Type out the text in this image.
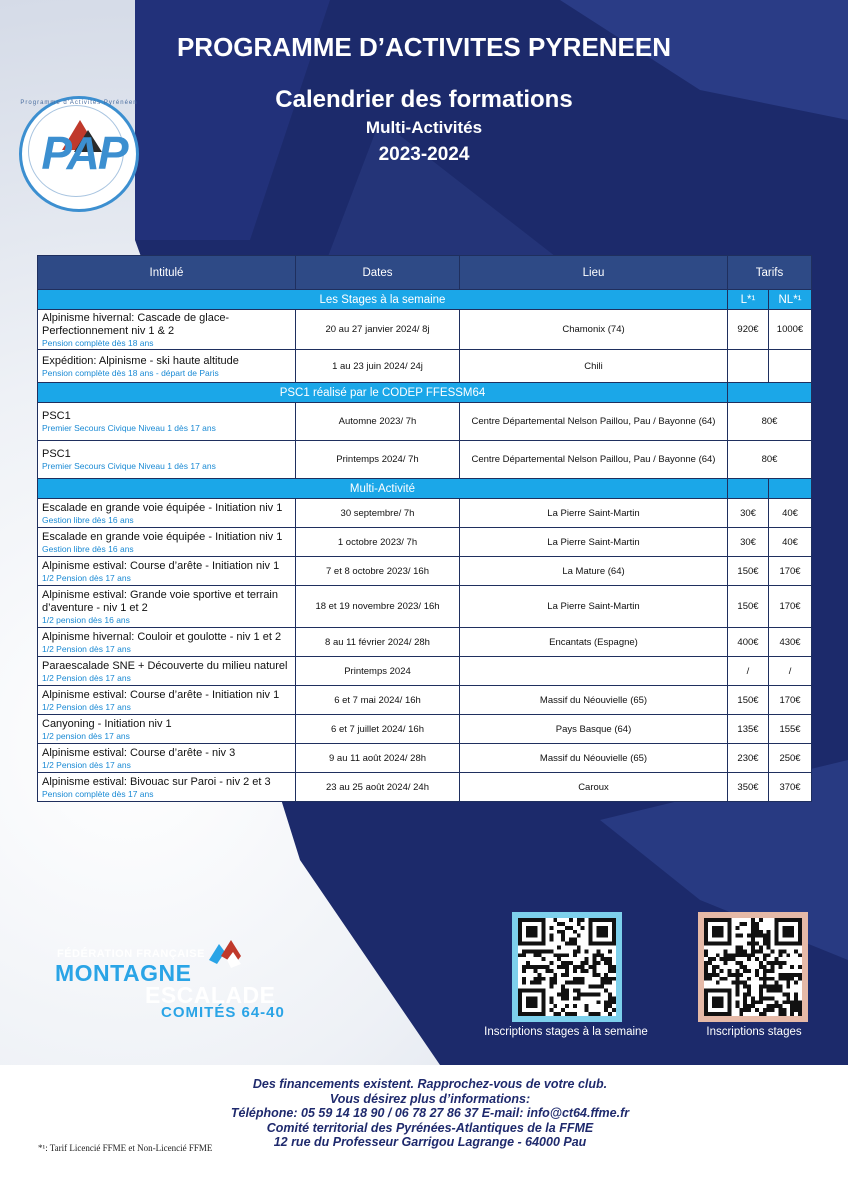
PROGRAMME D’ACTIVITES PYRENEEN
Calendrier des formations
Multi-Activités
2023-2024
Programme d'Activités Pyrénéen
PAP
Intitulé	Dates	Lieu	Tarifs	
Les Stages à la semaine			L*¹	NL*¹
Alpinisme hivernal: Cascade de glace- Perfectionnement niv 1 & 2
Pension complète dès 18 ans	20 au 27 janvier 2024/ 8j	Chamonix (74)	920€	1000€
Expédition: Alpinisme - ski haute altitude
Pension complète dès 18 ans - départ de Paris	1 au 23 juin 2024/ 24j	Chili		
PSC1 réalisé par le CODEP FFESSM64				
PSC1
Premier Secours Civique Niveau 1 dès 17 ans	Automne 2023/ 7h	Centre Départemental Nelson Paillou, Pau / Bayonne (64)	80€	
PSC1
Premier Secours Civique Niveau 1 dès 17 ans	Printemps 2024/ 7h	Centre Départemental Nelson Paillou, Pau / Bayonne (64)	80€	
Multi-Activité				
Escalade en grande voie équipée - Initiation niv 1
Gestion libre dès 16 ans	30 septembre/ 7h	La Pierre Saint-Martin	30€	40€
Escalade en grande voie équipée - Initiation niv 1
Gestion libre dès 16 ans	1 octobre 2023/ 7h	La Pierre Saint-Martin	30€	40€
Alpinisme estival: Course d’arête - Initiation niv 1
1/2 Pension dès 17 ans	7 et 8 octobre 2023/ 16h	La Mature (64)	150€	170€
Alpinisme estival: Grande voie sportive et terrain d’aventure - niv 1 et 2
1/2 pension dès 16 ans	18 et 19 novembre 2023/ 16h	La Pierre Saint-Martin	150€	170€
Alpinisme hivernal: Couloir et goulotte - niv 1 et 2
1/2 Pension dès 17 ans	8 au 11 février 2024/ 28h	Encantats (Espagne)	400€	430€
Paraescalade SNE + Découverte du milieu naturel
1/2 Pension dès 17 ans	Printemps 2024		/	/
Alpinisme estival: Course d’arête - Initiation niv 1
1/2 Pension dès 17 ans	6 et 7 mai 2024/ 16h	Massif du Néouvielle (65)	150€	170€
Canyoning - Initiation niv 1
1/2 pension dès 17 ans	6 et 7 juillet 2024/ 16h	Pays Basque (64)	135€	155€
Alpinisme estival: Course d’arête - niv 3
1/2 Pension dès 17 ans	9 au 11 août 2024/ 28h	Massif du Néouvielle (65)	230€	250€
Alpinisme estival: Bivouac sur Paroi - niv 2 et 3
Pension complète dès 17 ans	23 au 25 août 2024/ 24h	Caroux	350€	370€
FÉDÉRATION FRANÇAISE
MONTAGNE
ESCALADE
COMITÉS 64-40
Inscriptions stages à la semaine	Inscriptions stages
Des financements existent. Rapprochez-vous de votre club.
Vous désirez plus d’informations:
Téléphone: 05 59 14 18 90 / 06 78 27 86 37 E-mail: info@ct64.ffme.fr
Comité territorial des Pyrénées-Atlantiques de la FFME
12 rue du Professeur Garrigou Lagrange - 64000 Pau
*¹: Tarif Licencié FFME et Non-Licencié FFME
